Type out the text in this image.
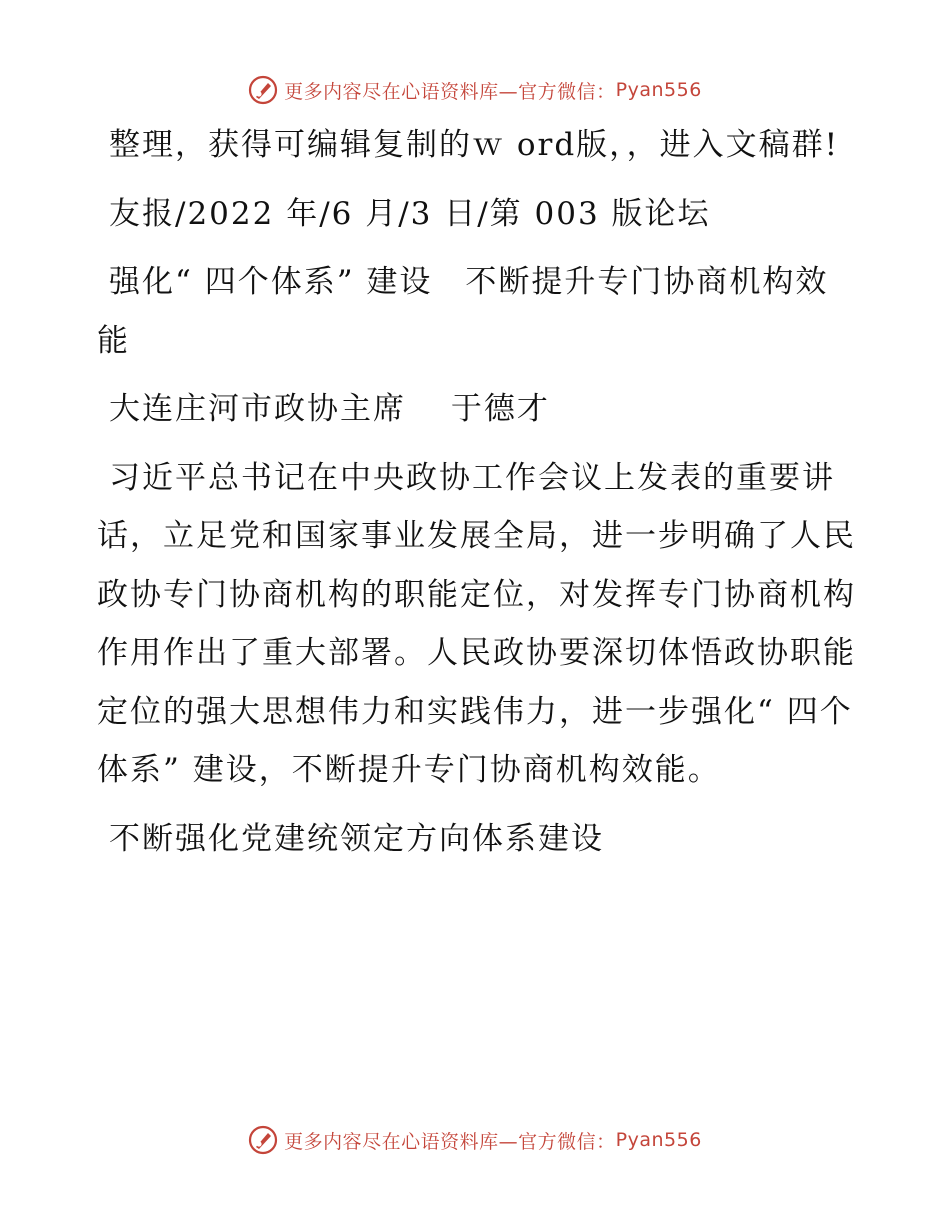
更多内容尽在心语资料库—官方微信： Pyan556

整理，获得可编辑复制的ｗ ord版，，进入文稿群!

友报/2022 年/6 月/3 日/第 003 版论坛

强化“ 四个体系” 建设　不断提升专门协商机构效能

大连庄河市政协主席　 于德才

习近平总书记在中央政协工作会议上发表的重要讲话，立足党和国家事业发展全局，进一步明确了人民政协专门协商机构的职能定位，对发挥专门协商机构作用作出了重大部署。人民政协要深切体悟政协职能定位的强大思想伟力和实践伟力，进一步强化“ 四个体系” 建设，不断提升专门协商机构效能。

不断强化党建统领定方向体系建设

更多内容尽在心语资料库—官方微信： Pyan556
